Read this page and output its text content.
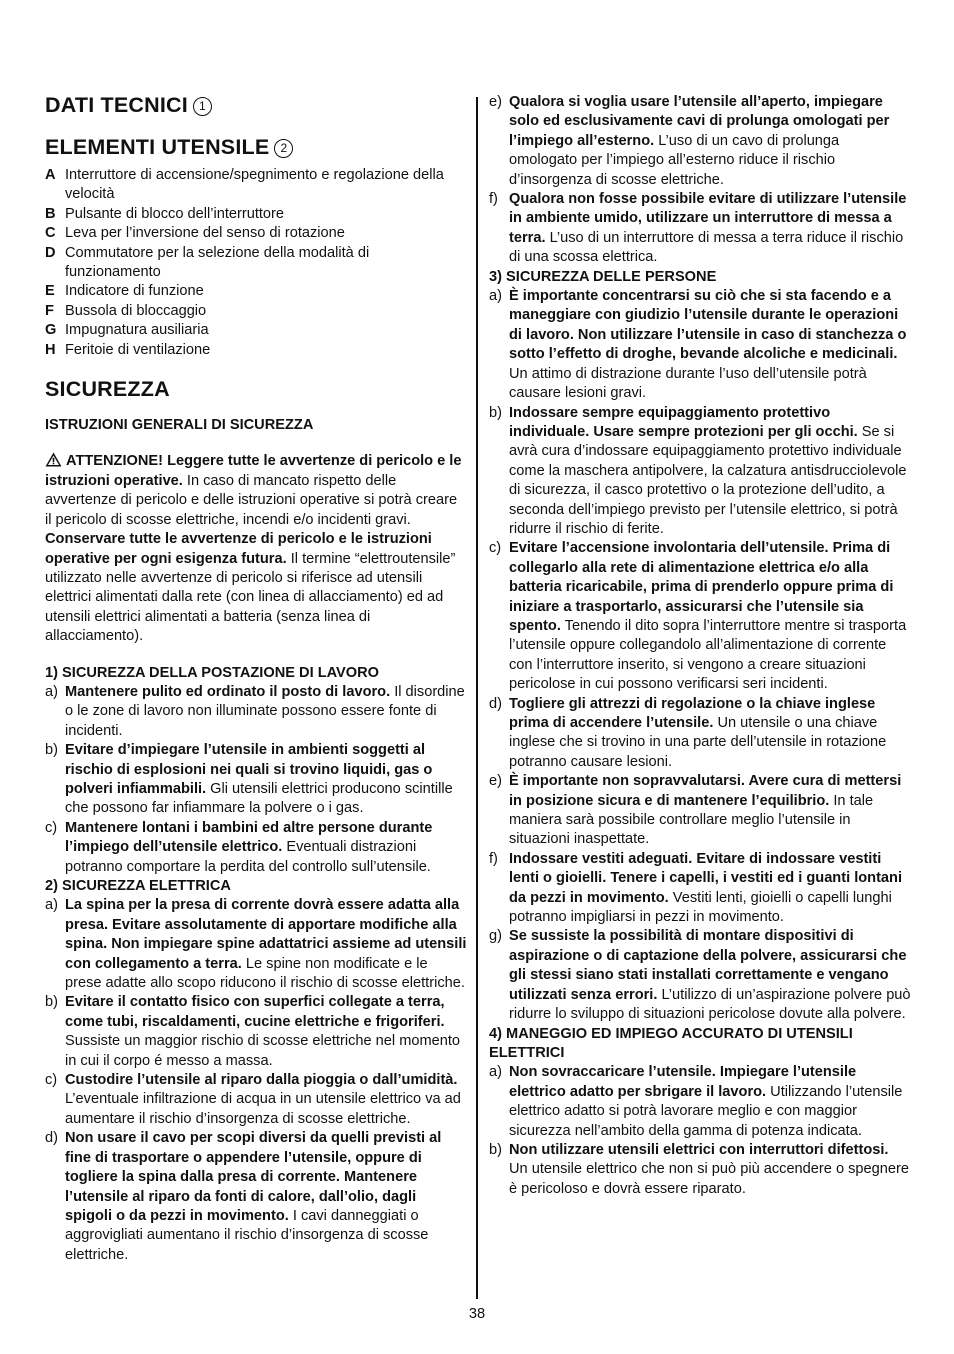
DATI TECNICI 1
ELEMENTI UTENSILE 2
A Interruttore di accensione/spegnimento e regolazione della velocità
B Pulsante di blocco dell’interruttore
C Leva per l’inversione del senso di rotazione
D Commutatore per la selezione della modalità di funzionamento
E Indicatore di funzione
F Bussola di bloccaggio
G Impugnatura ausiliaria
H Feritoie di ventilazione
SICUREZZA
ISTRUZIONI GENERALI DI SICUREZZA
ATTENZIONE! Leggere tutte le avvertenze di pericolo e le istruzioni operative. In caso di mancato rispetto delle avvertenze di pericolo e delle istruzioni operative si potrà creare il pericolo di scosse elettriche, incendi e/o incidenti gravi. Conservare tutte le avvertenze di pericolo e le istruzioni operative per ogni esigenza futura. Il termine “elettroutensile” utilizzato nelle avvertenze di pericolo si riferisce ad utensili elettrici alimentati dalla rete (con linea di allacciamento) ed ad utensili elettrici alimentati a batteria (senza linea di allacciamento).
1) SICUREZZA DELLA POSTAZIONE DI LAVORO
a) Mantenere pulito ed ordinato il posto di lavoro. Il disordine o le zone di lavoro non illuminate possono essere fonte di incidenti.
b) Evitare d’impiegare l’utensile in ambienti soggetti al rischio di esplosioni nei quali si trovino liquidi, gas o polveri infiammabili. Gli utensili elettrici producono scintille che possono far infiammare la polvere o i gas.
c) Mantenere lontani i bambini ed altre persone durante l’impiego dell’utensile elettrico. Eventuali distrazioni potranno comportare la perdita del controllo sull’utensile.
2) SICUREZZA ELETTRICA
a) La spina per la presa di corrente dovrà essere adatta alla presa. Evitare assolutamente di apportare modifiche alla spina. Non impiegare spine adattatrici assieme ad utensili con collegamento a terra. Le spine non modificate e le prese adatte allo scopo riducono il rischio di scosse elettriche.
b) Evitare il contatto fisico con superfici collegate a terra, come tubi, riscaldamenti, cucine elettriche e frigoriferi. Sussiste un maggior rischio di scosse elettriche nel momento in cui il corpo é messo a massa.
c) Custodire l’utensile al riparo dalla pioggia o dall’umidità. L’eventuale infiltrazione di acqua in un utensile elettrico va ad aumentare il rischio d’insorgenza di scosse elettriche.
d) Non usare il cavo per scopi diversi da quelli previsti al fine di trasportare o appendere l’utensile, oppure di togliere la spina dalla presa di corrente. Mantenere l’utensile al riparo da fonti di calore, dall’olio, dagli spigoli o da pezzi in movimento. I cavi danneggiati o aggrovigliati aumentano il rischio d’insorgenza di scosse elettriche.
e) Qualora si voglia usare l’utensile all’aperto, impiegare solo ed esclusivamente cavi di prolunga omologati per l’impiego all’esterno. L’uso di un cavo di prolunga omologato per l’impiego all’esterno riduce il rischio d’insorgenza di scosse elettriche.
f) Qualora non fosse possibile evitare di utilizzare l’utensile in ambiente umido, utilizzare un interruttore di messa a terra. L’uso di un interruttore di messa a terra riduce il rischio di una scossa elettrica.
3) SICUREZZA DELLE PERSONE
a) È importante concentrarsi su ciò che si sta facendo e a maneggiare con giudizio l’utensile durante le operazioni di lavoro. Non utilizzare l’utensile in caso di stanchezza o sotto l’effetto di droghe, bevande alcoliche e medicinali. Un attimo di distrazione durante l’uso dell’utensile potrà causare lesioni gravi.
b) Indossare sempre equipaggiamento protettivo individuale. Usare sempre protezioni per gli occhi. Se si avrà cura d’indossare equipaggiamento protettivo individuale come la maschera antipolvere, la calzatura antisdrucciolevole di sicurezza, il casco protettivo o la protezione dell’udito, a seconda dell’impiego previsto per l’utensile elettrico, si potrà ridurre il rischio di ferite.
c) Evitare l’accensione involontaria dell’utensile. Prima di collegarlo alla rete di alimentazione elettrica e/o alla batteria ricaricabile, prima di prenderlo oppure prima di iniziare a trasportarlo, assicurarsi che l’utensile sia spento. Tenendo il dito sopra l’interruttore mentre si trasporta l’utensile oppure collegandolo all’alimentazione di corrente con l’interruttore inserito, si vengono a creare situazioni pericolose in cui possono verificarsi seri incidenti.
d) Togliere gli attrezzi di regolazione o la chiave inglese prima di accendere l’utensile. Un utensile o una chiave inglese che si trovino in una parte dell’utensile in rotazione potranno causare lesioni.
e) È importante non sopravvalutarsi. Avere cura di mettersi in posizione sicura e di mantenere l’equilibrio. In tale maniera sarà possibile controllare meglio l’utensile in situazioni inaspettate.
f) Indossare vestiti adeguati. Evitare di indossare vestiti lenti o gioielli. Tenere i capelli, i vestiti ed i guanti lontani da pezzi in movimento. Vestiti lenti, gioielli o capelli lunghi potranno impigliarsi in pezzi in movimento.
g) Se sussiste la possibilità di montare dispositivi di aspirazione o di captazione della polvere, assicurarsi che gli stessi siano stati installati correttamente e vengano utilizzati senza errori. L’utilizzo di un’aspirazione polvere può ridurre lo sviluppo di situazioni pericolose dovute alla polvere.
4) MANEGGIO ED IMPIEGO ACCURATO DI UTENSILI ELETTRICI
a) Non sovraccaricare l’utensile. Impiegare l’utensile elettrico adatto per sbrigare il lavoro. Utilizzando l’utensile elettrico adatto si potrà lavorare meglio e con maggior sicurezza nell’ambito della gamma di potenza indicata.
b) Non utilizzare utensili elettrici con interruttori difettosi. Un utensile elettrico che non si può più accendere o spegnere è pericoloso e dovrà essere riparato.
38
